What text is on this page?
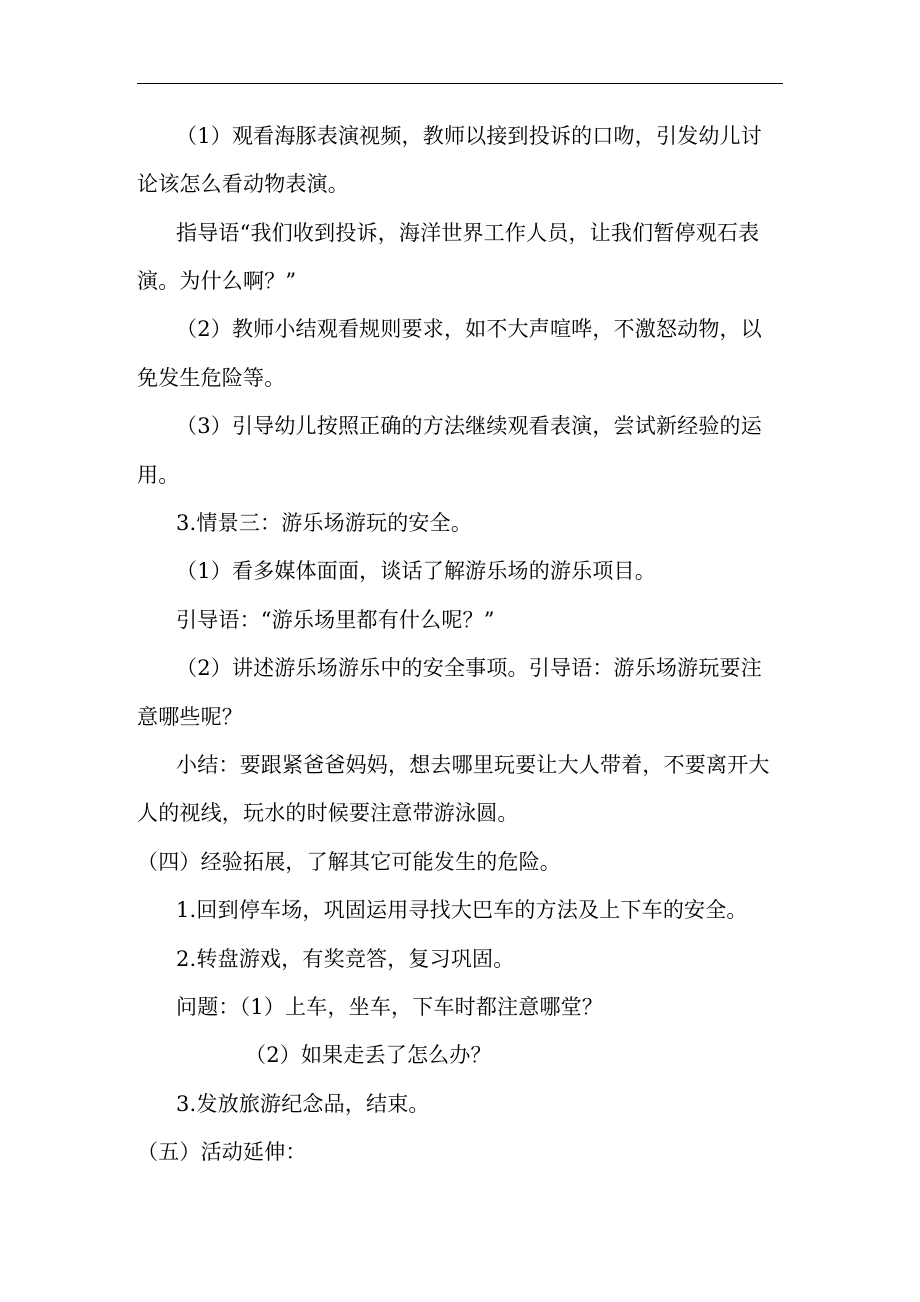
（1）观看海豚表演视频，教师以接到投诉的口吻，引发幼儿讨
论该怎么看动物表演。
指导语“我们收到投诉，海洋世界工作人员，让我们暂停观石表
演。为什么啊？”
（2）教师小结观看规则要求，如不大声喧哗，不激怒动物，以
免发生危险等。
（3）引导幼儿按照正确的方法继续观看表演，尝试新经验的运
用。
3.情景三：游乐场游玩的安全。
（1）看多媒体面面，谈话了解游乐场的游乐项目。
引导语：“游乐场里都有什么呢？”
（2）讲述游乐场游乐中的安全事项。引导语：游乐场游玩要注
意哪些呢？
小结：要跟紧爸爸妈妈，想去哪里玩要让大人带着，不要离开大
人的视线，玩水的时候要注意带游泳圆。
（四）经验拓展，了解其它可能发生的危险。
1.回到停车场，巩固运用寻找大巴车的方法及上下车的安全。
2.转盘游戏，有奖竞答，复习巩固。
问题：（1）上车，坐车，下车时都注意哪堂？
（2）如果走丢了怎么办？
3.发放旅游纪念品，结束。
（五）活动延伸：
